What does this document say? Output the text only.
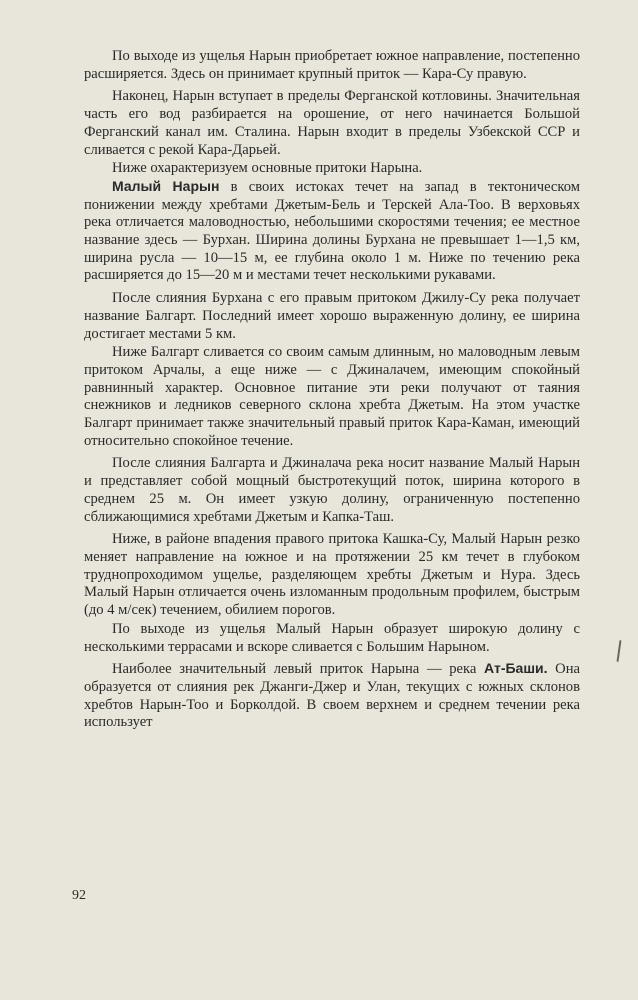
По выходе из ущелья Нарын приобретает южное направление, постепенно расширяется. Здесь он принимает крупный приток — Кара-Су правую.

Наконец, Нарын вступает в пределы Ферганской котловины. Значительная часть его вод разбирается на орошение, от него начинается Большой Ферганский канал им. Сталина. Нарын входит в пределы Узбекской ССР и сливается с рекой Кара-Дарьей.

Ниже охарактеризуем основные притоки Нарына.

Малый Нарын в своих истоках течет на запад в тектоническом понижении между хребтами Джетым-Бель и Терскей Ала-Тоо. В верховьях река отличается маловодностью, небольшими скоростями течения; ее местное название здесь — Бурхан. Ширина долины Бурхана не превышает 1—1,5 км, ширина русла — 10—15 м, ее глубина около 1 м. Ниже по течению река расширяется до 15—20 м и местами течет несколькими рукавами.

После слияния Бурхана с его правым притоком Джилу-Су река получает название Балгарт. Последний имеет хорошо выраженную долину, ее ширина достигает местами 5 км.

Ниже Балгарт сливается со своим самым длинным, но маловодным левым притоком Арчалы, а еще ниже — с Джиналачем, имеющим спокойный равнинный характер. Основное питание эти реки получают от таяния снежников и ледников северного склона хребта Джетым. На этом участке Балгарт принимает также значительный правый приток Кара-Каман, имеющий относительно спокойное течение.

После слияния Балгарта и Джиналача река носит название Малый Нарын и представляет собой мощный быстротекущий поток, ширина которого в среднем 25 м. Он имеет узкую долину, ограниченную постепенно сближающимися хребтами Джетым и Капка-Таш.

Ниже, в районе впадения правого притока Кашка-Су, Малый Нарын резко меняет направление на южное и на протяжении 25 км течет в глубоком труднопроходимом ущелье, разделяющем хребты Джетым и Нура. Здесь Малый Нарын отличается очень изломанным продольным профилем, быстрым (до 4 м/сек) течением, обилием порогов.

По выходе из ущелья Малый Нарын образует широкую долину с несколькими террасами и вскоре сливается с Большим Нарыном.

Наиболее значительный левый приток Нарына — река Ат-Баши. Она образуется от слияния рек Джанги-Джер и Улан, текущих с южных склонов хребтов Нарын-Тоо и Борколдой. В своем верхнем и среднем течении река использует

92
